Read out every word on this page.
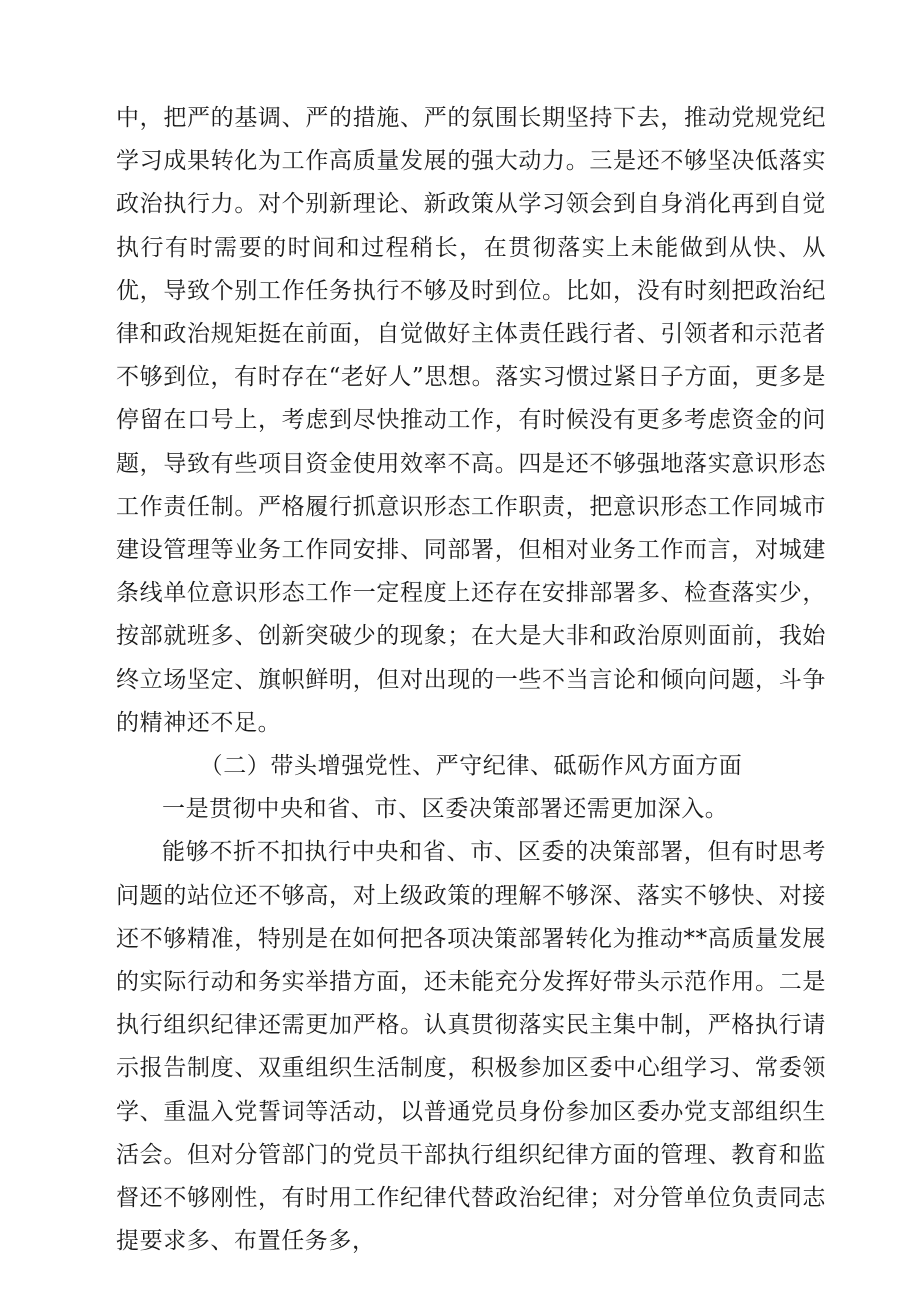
中，把严的基调、严的措施、严的氛围长期坚持下去，推动党规党纪学习成果转化为工作高质量发展的强大动力。三是还不够坚决低落实政治执行力。对个别新理论、新政策从学习领会到自身消化再到自觉执行有时需要的时间和过程稍长，在贯彻落实上未能做到从快、从优，导致个别工作任务执行不够及时到位。比如，没有时刻把政治纪律和政治规矩挺在前面，自觉做好主体责任践行者、引领者和示范者不够到位，有时存在“老好人”思想。落实习惯过紧日子方面，更多是停留在口号上，考虑到尽快推动工作，有时候没有更多考虑资金的问题，导致有些项目资金使用效率不高。四是还不够强地落实意识形态工作责任制。严格履行抓意识形态工作职责，把意识形态工作同城市建设管理等业务工作同安排、同部署，但相对业务工作而言，对城建条线单位意识形态工作一定程度上还存在安排部署多、检查落实少，按部就班多、创新突破少的现象；在大是大非和政治原则面前，我始终立场坚定、旗帜鲜明，但对出现的一些不当言论和倾向问题，斗争的精神还不足。

（二）带头增强党性、严守纪律、砥砺作风方面方面

一是贯彻中央和省、市、区委决策部署还需更加深入。

能够不折不扣执行中央和省、市、区委的决策部署，但有时思考问题的站位还不够高，对上级政策的理解不够深、落实不够快、对接还不够精准，特别是在如何把各项决策部署转化为推动**高质量发展的实际行动和务实举措方面，还未能充分发挥好带头示范作用。二是执行组织纪律还需更加严格。认真贯彻落实民主集中制，严格执行请示报告制度、双重组织生活制度，积极参加区委中心组学习、常委领学、重温入党誓词等活动，以普通党员身份参加区委办党支部组织生活会。但对分管部门的党员干部执行组织纪律方面的管理、教育和监督还不够刚性，有时用工作纪律代替政治纪律；对分管单位负责同志提要求多、布置任务多，
